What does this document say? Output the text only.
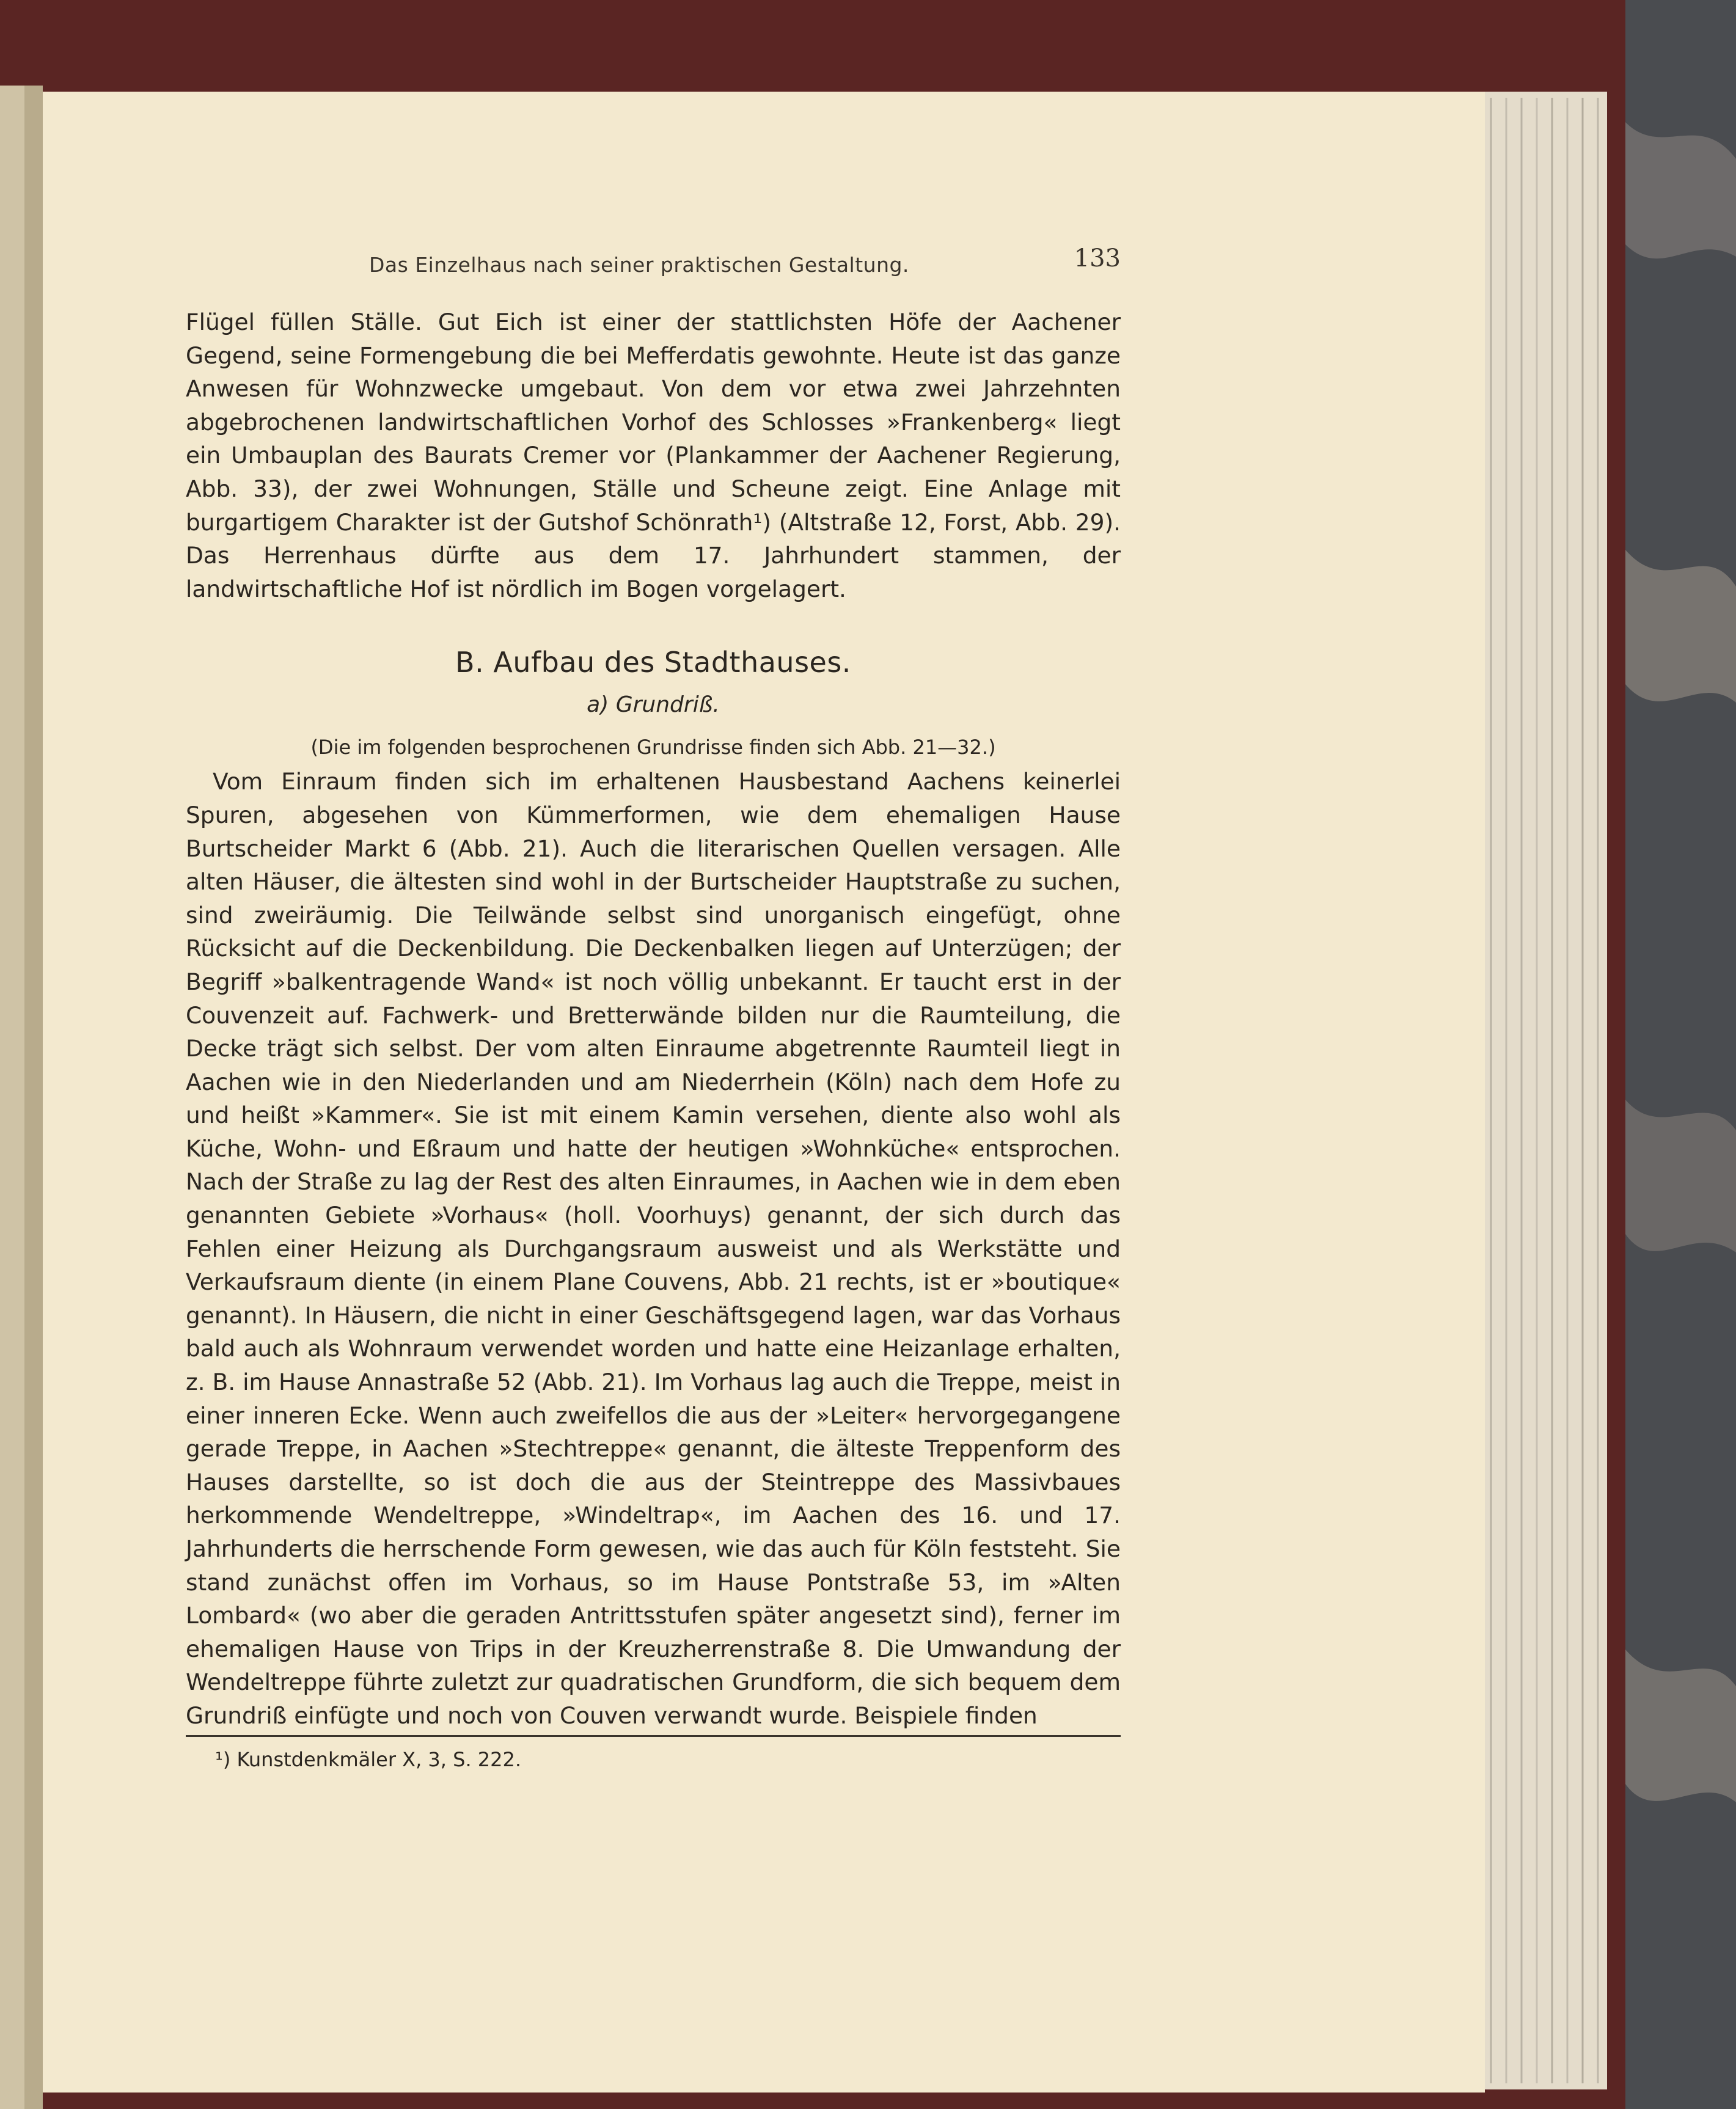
Das Einzelhaus nach seiner praktischen Gestaltung.	133

Flügel füllen Ställe. Gut Eich ist einer der stattlichsten Höfe der Aachener Gegend, seine Formengebung die bei Mefferdatis gewohnte. Heute ist das ganze Anwesen für Wohnzwecke umgebaut. Von dem vor etwa zwei Jahrzehnten abgebrochenen landwirtschaftlichen Vorhof des Schlosses »Frankenberg« liegt ein Umbauplan des Baurats Cremer vor (Plankammer der Aachener Regierung, Abb. 33), der zwei Wohnungen, Ställe und Scheune zeigt. Eine Anlage mit burgartigem Charakter ist der Gutshof Schönrath¹) (Altstraße 12, Forst, Abb. 29). Das Herrenhaus dürfte aus dem 17. Jahrhundert stammen, der landwirtschaftliche Hof ist nördlich im Bogen vorgelagert.

B. Aufbau des Stadthauses.
a) Grundriß.
(Die im folgenden besprochenen Grundrisse finden sich Abb. 21—32.)

Vom Einraum finden sich im erhaltenen Hausbestand Aachens keinerlei Spuren, abgesehen von Kümmerformen, wie dem ehemaligen Hause Burtscheider Markt 6 (Abb. 21). Auch die literarischen Quellen versagen. Alle alten Häuser, die ältesten sind wohl in der Burtscheider Hauptstraße zu suchen, sind zweiräumig. Die Teilwände selbst sind unorganisch eingefügt, ohne Rücksicht auf die Deckenbildung. Die Deckenbalken liegen auf Unterzügen; der Begriff »balkentragende Wand« ist noch völlig unbekannt. Er taucht erst in der Couvenzeit auf. Fachwerk- und Bretterwände bilden nur die Raumteilung, die Decke trägt sich selbst. Der vom alten Einraume abgetrennte Raumteil liegt in Aachen wie in den Niederlanden und am Niederrhein (Köln) nach dem Hofe zu und heißt »Kammer«. Sie ist mit einem Kamin versehen, diente also wohl als Küche, Wohn- und Eßraum und hatte der heutigen »Wohnküche« entsprochen. Nach der Straße zu lag der Rest des alten Einraumes, in Aachen wie in dem eben genannten Gebiete »Vorhaus« (holl. Voorhuys) genannt, der sich durch das Fehlen einer Heizung als Durchgangsraum ausweist und als Werkstätte und Verkaufsraum diente (in einem Plane Couvens, Abb. 21 rechts, ist er »boutique« genannt). In Häusern, die nicht in einer Geschäftsgegend lagen, war das Vorhaus bald auch als Wohnraum verwendet worden und hatte eine Heizanlage erhalten, z. B. im Hause Annastraße 52 (Abb. 21). Im Vorhaus lag auch die Treppe, meist in einer inneren Ecke. Wenn auch zweifellos die aus der »Leiter« hervorgegangene gerade Treppe, in Aachen »Stechtreppe« genannt, die älteste Treppenform des Hauses darstellte, so ist doch die aus der Steintreppe des Massivbaues herkommende Wendeltreppe, »Windeltrap«, im Aachen des 16. und 17. Jahrhunderts die herrschende Form gewesen, wie das auch für Köln feststeht. Sie stand zunächst offen im Vorhaus, so im Hause Pontstraße 53, im »Alten Lombard« (wo aber die geraden Antrittsstufen später angesetzt sind), ferner im ehemaligen Hause von Trips in der Kreuzherrenstraße 8. Die Umwandung der Wendeltreppe führte zuletzt zur quadratischen Grundform, die sich bequem dem Grundriß einfügte und noch von Couven verwandt wurde. Beispiele finden

¹) Kunstdenkmäler X, 3, S. 222.
